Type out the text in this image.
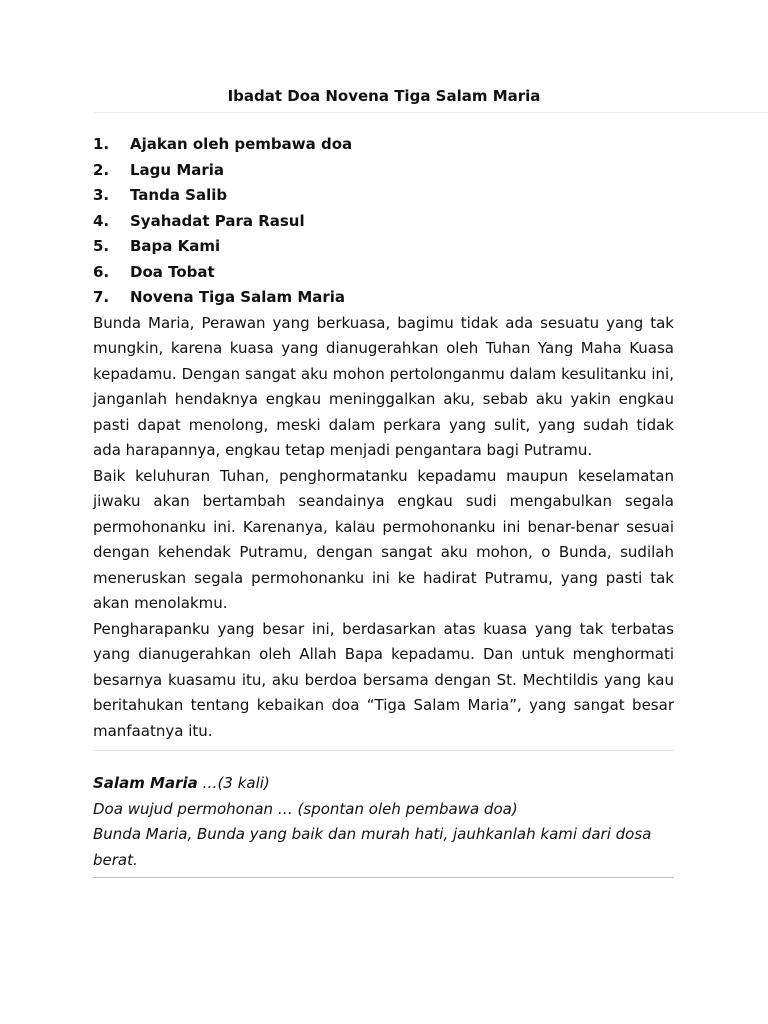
Ibadat Doa Novena Tiga Salam Maria
1.	Ajakan oleh pembawa doa
2.	Lagu Maria
3.	Tanda Salib
4.	Syahadat Para Rasul
5.	Bapa Kami
6.	Doa Tobat
7.	Novena Tiga Salam Maria

Bunda Maria, Perawan yang berkuasa, bagimu tidak ada sesuatu yang tak mungkin, karena kuasa yang dianugerahkan oleh Tuhan Yang Maha Kuasa kepadamu. Dengan sangat aku mohon pertolonganmu dalam kesulitanku ini, janganlah hendaknya engkau meninggalkan aku, sebab aku yakin engkau pasti dapat menolong, meski dalam perkara yang sulit, yang sudah tidak ada harapannya, engkau tetap menjadi pengantara bagi Putramu.

Baik keluhuran Tuhan, penghormatanku kepadamu maupun keselamatan jiwaku akan bertambah seandainya engkau sudi mengabulkan segala permohonanku ini. Karenanya, kalau permohonanku ini benar-benar sesuai dengan kehendak Putramu, dengan sangat aku mohon, o Bunda, sudilah meneruskan segala permohonanku ini ke hadirat Putramu, yang pasti tak akan menolakmu.

Pengharapanku yang besar ini, berdasarkan atas kuasa yang tak terbatas yang dianugerahkan oleh Allah Bapa kepadamu. Dan untuk menghormati besarnya kuasamu itu, aku berdoa bersama dengan St. Mechtildis yang kau beritahukan tentang kebaikan doa “Tiga Salam Maria”, yang sangat besar manfaatnya itu.

Salam Maria …(3 kali)

Doa wujud permohonan … (spontan oleh pembawa doa)

Bunda Maria, Bunda yang baik dan murah hati, jauhkanlah kami dari dosa berat.
